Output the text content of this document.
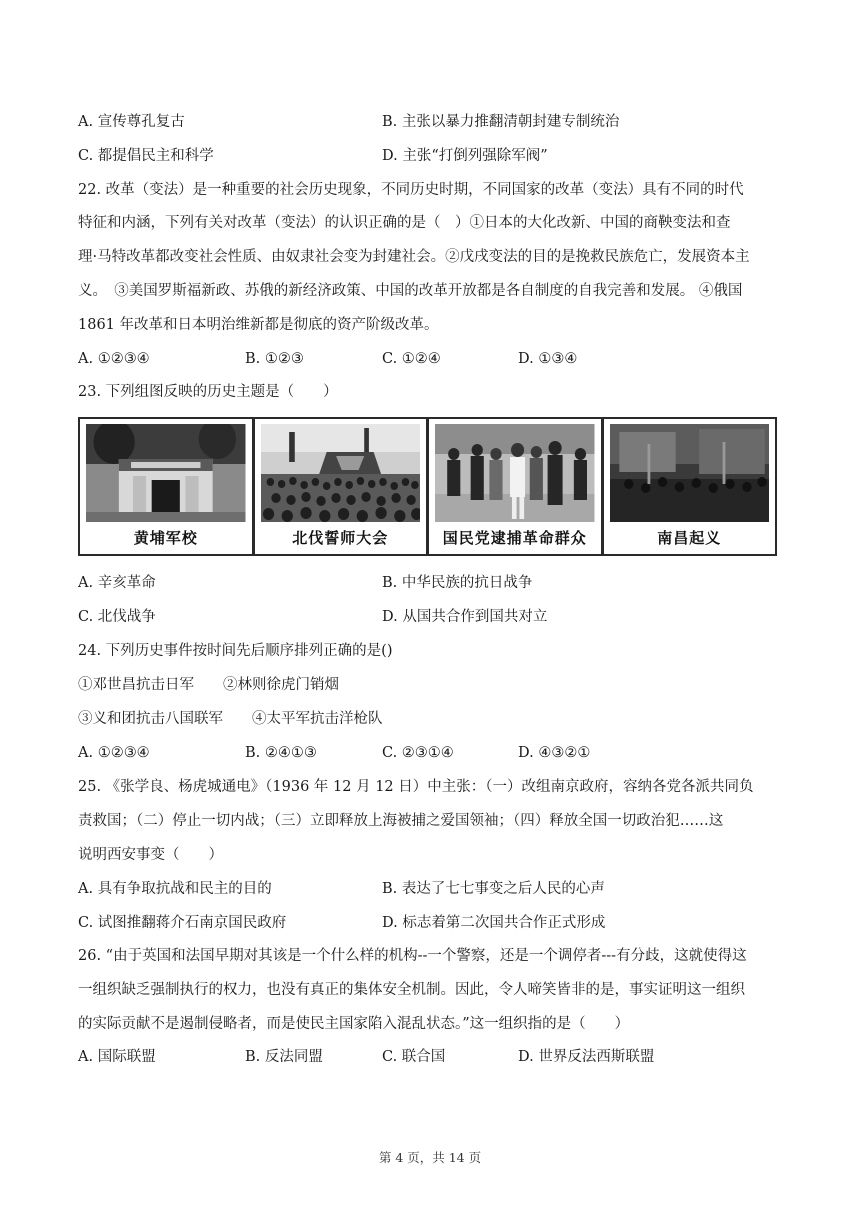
A. 宣传尊孔复古	B. 主张以暴力推翻清朝封建专制统治
C. 都提倡民主和科学	D. 主张“打倒列强除军阀”
22. 改革（变法）是一种重要的社会历史现象，不同历史时期，不同国家的改革（变法）具有不同的时代
特征和内涵，下列有关对改革（变法）的认识正确的是（　）①日本的大化改新、中国的商鞅变法和查
理·马特改革都改变社会性质、由奴隶社会变为封建社会。②戊戌变法的目的是挽救民族危亡，发展资本主
义。　③美国罗斯福新政、苏俄的新经济政策、中国的改革开放都是各自制度的自我完善和发展。 ④俄国
1861 年改革和日本明治维新都是彻底的资产阶级改革。
A. ①②③④	B. ①②③	C. ①②④	D. ①③④
23. 下列组图反映的历史主题是（　　）
黄埔军校	北伐誓师大会	国民党逮捕革命群众	南昌起义
A. 辛亥革命	B. 中华民族的抗日战争
C. 北伐战争	D. 从国共合作到国共对立
24. 下列历史事件按时间先后顺序排列正确的是()
①邓世昌抗击日军　　②林则徐虎门销烟
③义和团抗击八国联军　　④太平军抗击洋枪队
A. ①②③④	B. ②④①③	C. ②③①④	D. ④③②①
25. 《张学良、杨虎城通电》（1936 年 12 月 12 日）中主张：（一）改组南京政府，容纳各党各派共同负
责救国；（二）停止一切内战；（三）立即释放上海被捕之爱国领袖；（四）释放全国一切政治犯……这
说明西安事变（　　）
A. 具有争取抗战和民主的目的	B. 表达了七七事变之后人民的心声
C. 试图推翻蒋介石南京国民政府	D. 标志着第二次国共合作正式形成
26. “由于英国和法国早期对其该是一个什么样的机构--一个警察，还是一个调停者---有分歧，这就使得这
一组织缺乏强制执行的权力，也没有真正的集体安全机制。因此，令人啼笑皆非的是，事实证明这一组织
的实际贡献不是遏制侵略者，而是使民主国家陷入混乱状态。”这一组织指的是（　　）
A. 国际联盟	B. 反法同盟	C. 联合国	D. 世界反法西斯联盟
第 4 页，共 14 页
